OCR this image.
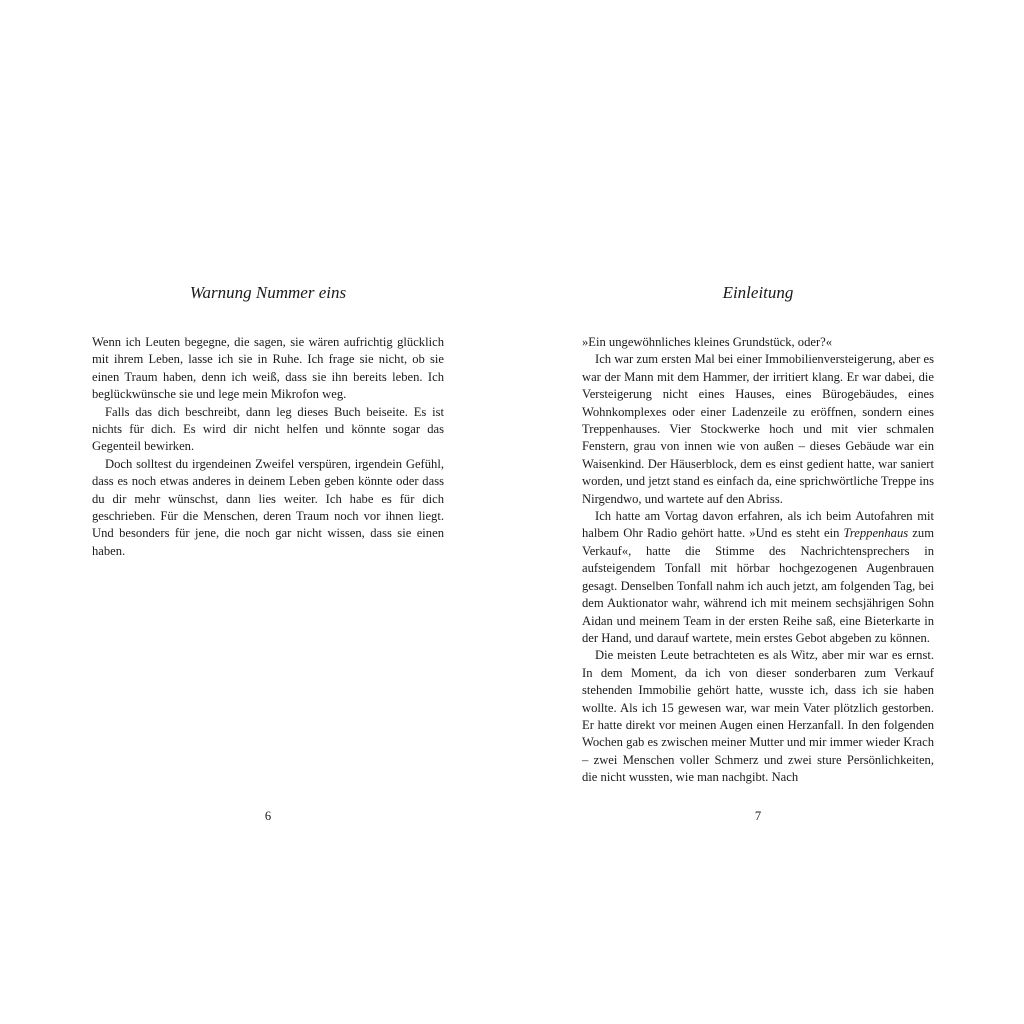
Warnung Nummer eins

Wenn ich Leuten begegne, die sagen, sie wären aufrichtig glücklich mit ihrem Leben, lasse ich sie in Ruhe. Ich frage sie nicht, ob sie einen Traum haben, denn ich weiß, dass sie ihn bereits leben. Ich beglückwünsche sie und lege mein Mikrofon weg.

Falls das dich beschreibt, dann leg dieses Buch beiseite. Es ist nichts für dich. Es wird dir nicht helfen und könnte sogar das Gegenteil bewirken.

Doch solltest du irgendeinen Zweifel verspüren, irgendein Gefühl, dass es noch etwas anderes in deinem Leben geben könnte oder dass du dir mehr wünschst, dann lies weiter. Ich habe es für dich geschrieben. Für die Menschen, deren Traum noch vor ihnen liegt. Und besonders für jene, die noch gar nicht wissen, dass sie einen haben.

6
Einleitung

»Ein ungewöhnliches kleines Grundstück, oder?«

Ich war zum ersten Mal bei einer Immobilienversteigerung, aber es war der Mann mit dem Hammer, der irritiert klang. Er war dabei, die Versteigerung nicht eines Hauses, eines Bürogebäudes, eines Wohnkomplexes oder einer Ladenzeile zu eröffnen, sondern eines Treppenhauses. Vier Stockwerke hoch und mit vier schmalen Fenstern, grau von innen wie von außen – dieses Gebäude war ein Waisenkind. Der Häuserblock, dem es einst gedient hatte, war saniert worden, und jetzt stand es einfach da, eine sprichwörtliche Treppe ins Nirgendwo, und wartete auf den Abriss.

Ich hatte am Vortag davon erfahren, als ich beim Autofahren mit halbem Ohr Radio gehört hatte. »Und es steht ein Treppenhaus zum Verkauf«, hatte die Stimme des Nachrichtensprechers in aufsteigendem Tonfall mit hörbar hochgezogenen Augenbrauen gesagt. Denselben Tonfall nahm ich auch jetzt, am folgenden Tag, bei dem Auktionator wahr, während ich mit meinem sechsjährigen Sohn Aidan und meinem Team in der ersten Reihe saß, eine Bieterkarte in der Hand, und darauf wartete, mein erstes Gebot abgeben zu können.

Die meisten Leute betrachteten es als Witz, aber mir war es ernst. In dem Moment, da ich von dieser sonderbaren zum Verkauf stehenden Immobilie gehört hatte, wusste ich, dass ich sie haben wollte. Als ich 15 gewesen war, war mein Vater plötzlich gestorben. Er hatte direkt vor meinen Augen einen Herzanfall. In den folgenden Wochen gab es zwischen meiner Mutter und mir immer wieder Krach – zwei Menschen voller Schmerz und zwei sture Persönlichkeiten, die nicht wussten, wie man nachgibt. Nach

7
